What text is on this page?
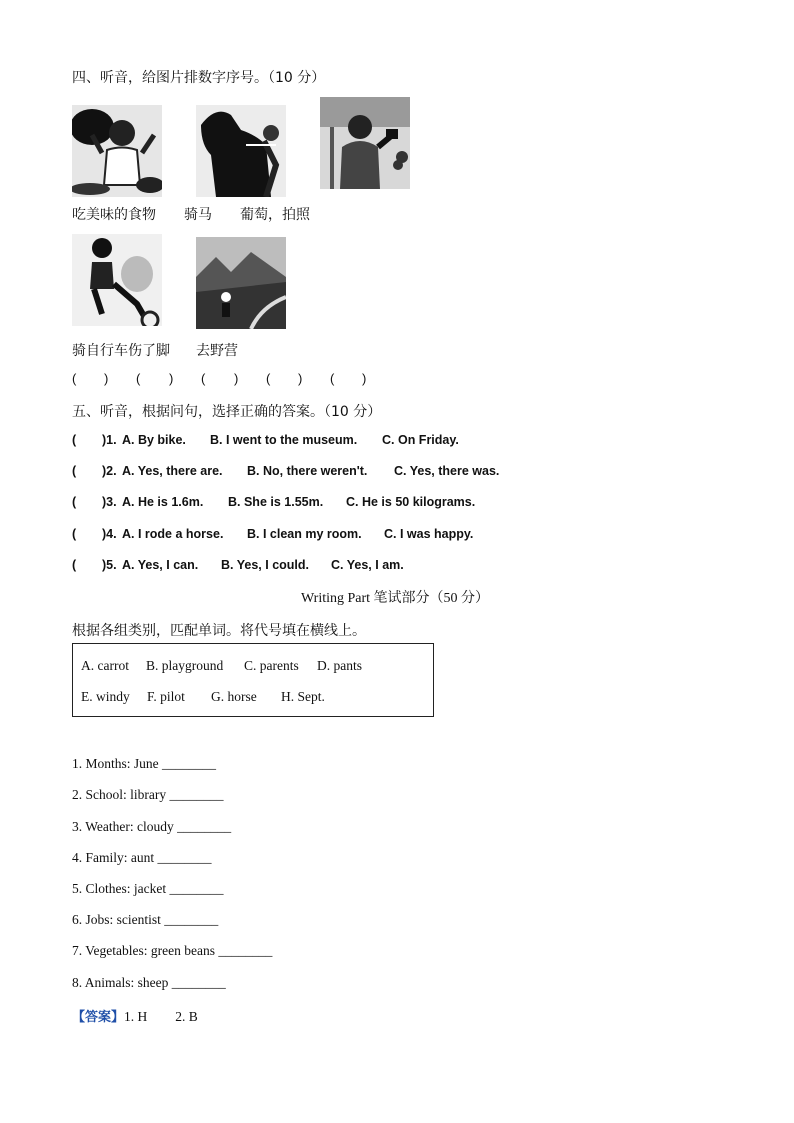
四、听音，给图片排数字序号。（10 分）
吃美味的食物 骑马 葡萄，拍照
骑自行车伤了脚 去野营
( ) ( ) ( ) ( ) ( )
五、听音，根据问句，选择正确的答案。（10 分）
( )1. A. By bike. B. I went to the museum. C. On Friday.
( )2. A. Yes, there are. B. No, there weren't. C. Yes, there was.
( )3. A. He is 1.6m. B. She is 1.55m. C. He is 50 kilograms.
( )4. A. I rode a horse. B. I clean my room. C. I was happy.
( )5. A. Yes, I can. B. Yes, I could. C. Yes, I am.
Writing Part 笔试部分（50 分）
根据各组类别，匹配单词。将代号填在横线上。
A. carrot B. playground C. parents D. pants
E. windy F. pilot G. horse H. Sept.
1. Months: June ________
2. School: library ________
3. Weather: cloudy ________
4. Family: aunt ________
5. Clothes: jacket ________
6. Jobs: scientist ________
7. Vegetables: green beans ________
8. Animals: sheep ________
【答案】1. H 2. B
